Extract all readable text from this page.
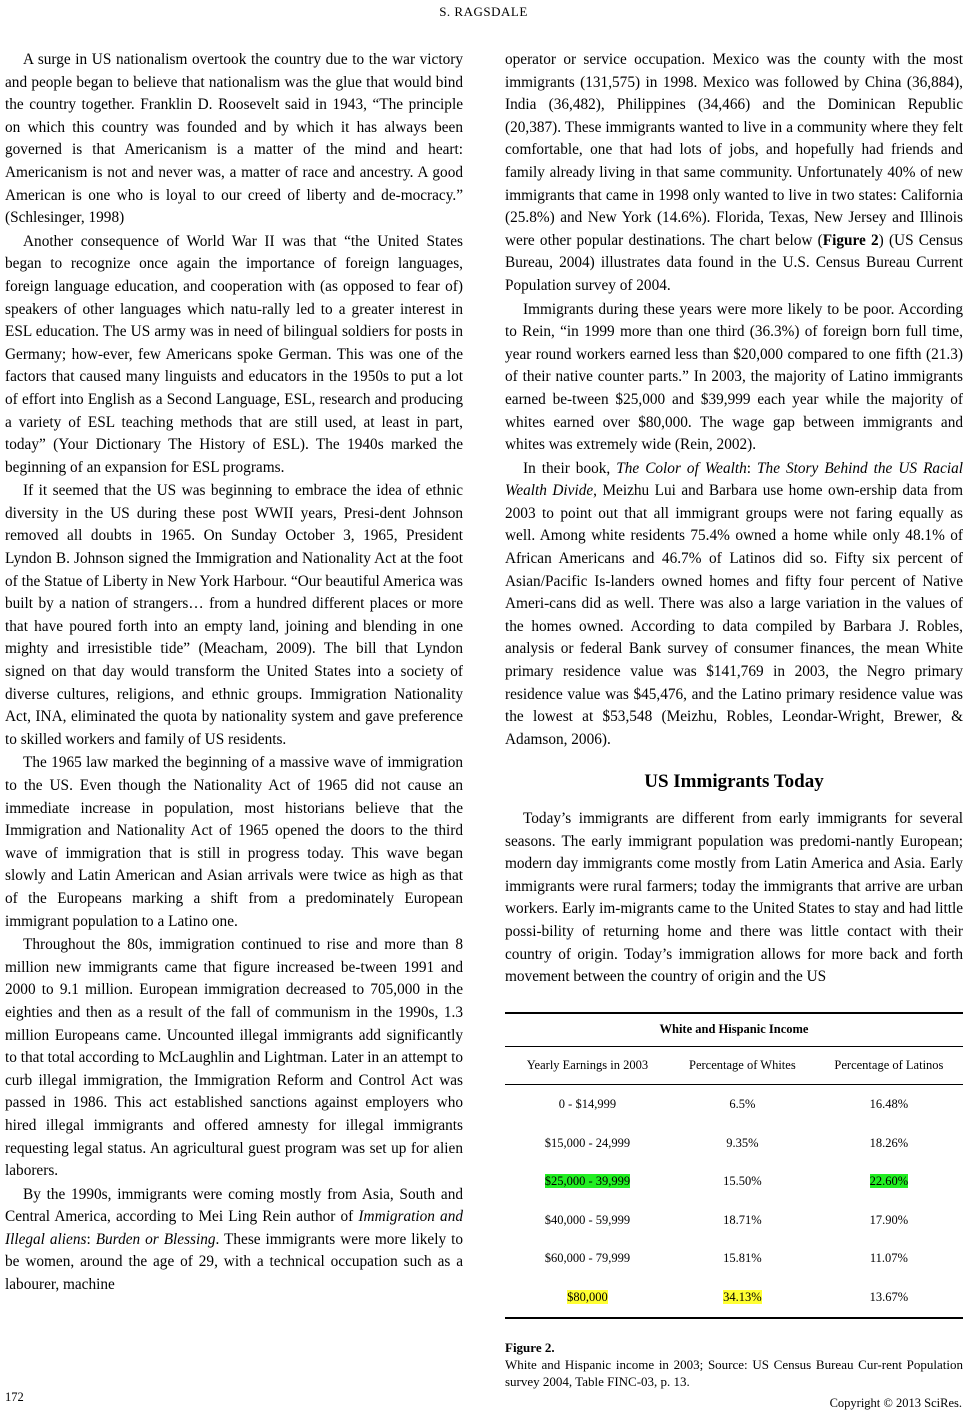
S. RAGSDALE

A surge in US nationalism overtook the country due to the war victory and people began to believe that nationalism was the glue that would bind the country together. Franklin D. Roosevelt said in 1943, “The principle on which this country was founded and by which it has always been governed is that Americanism is a matter of the mind and heart: Americanism is not and never was, a matter of race and ancestry. A good American is one who is loyal to our creed of liberty and de-mocracy.” (Schlesinger, 1998)

Another consequence of World War II was that “the United States began to recognize once again the importance of foreign languages, foreign language education, and cooperation with (as opposed to fear of) speakers of other languages which natu-rally led to a greater interest in ESL education. The US army was in need of bilingual soldiers for posts in Germany; how-ever, few Americans spoke German. This was one of the factors that caused many linguists and educators in the 1950s to put a lot of effort into English as a Second Language, ESL, research and producing a variety of ESL teaching methods that are still used, at least in part, today” (Your Dictionary The History of ESL). The 1940s marked the beginning of an expansion for ESL programs.

If it seemed that the US was beginning to embrace the idea of ethnic diversity in the US during these post WWII years, Presi-dent Johnson removed all doubts in 1965. On Sunday October 3, 1965, President Lyndon B. Johnson signed the Immigration and Nationality Act at the foot of the Statue of Liberty in New York Harbour. “Our beautiful America was built by a nation of strangers… from a hundred different places or more that have poured forth into an empty land, joining and blending in one mighty and irresistible tide” (Meacham, 2009). The bill that Lyndon signed on that day would transform the United States into a society of diverse cultures, religions, and ethnic groups. Immigration Nationality Act, INA, eliminated the quota by nationality system and gave preference to skilled workers and family of US residents.

The 1965 law marked the beginning of a massive wave of immigration to the US. Even though the Nationality Act of 1965 did not cause an immediate increase in population, most historians believe that the Immigration and Nationality Act of 1965 opened the doors to the third wave of immigration that is still in progress today. This wave began slowly and Latin American and Asian arrivals were twice as high as that of the Europeans marking a shift from a predominately European immigrant population to a Latino one.

Throughout the 80s, immigration continued to rise and more than 8 million new immigrants came that figure increased be-tween 1991 and 2000 to 9.1 million. European immigration decreased to 705,000 in the eighties and then as a result of the fall of communism in the 1990s, 1.3 million Europeans came. Uncounted illegal immigrants add significantly to that total according to McLaughlin and Lightman. Later in an attempt to curb illegal immigration, the Immigration Reform and Control Act was passed in 1986. This act established sanctions against employers who hired illegal immigrants and offered amnesty for illegal immigrants requesting legal status. An agricultural guest program was set up for alien laborers.

By the 1990s, immigrants were coming mostly from Asia, South and Central America, according to Mei Ling Rein author of Immigration and Illegal aliens: Burden or Blessing. These immigrants were more likely to be women, around the age of 29, with a technical occupation such as a labourer, machine

operator or service occupation. Mexico was the county with the most immigrants (131,575) in 1998. Mexico was followed by China (36,884), India (36,482), Philippines (34,466) and the Dominican Republic (20,387). These immigrants wanted to live in a community where they felt comfortable, one that had lots of jobs, and hopefully had friends and family already living in that same community. Unfortunately 40% of new immigrants that came in 1998 only wanted to live in two states: California (25.8%) and New York (14.6%). Florida, Texas, New Jersey and Illinois were other popular destinations. The chart below (Figure 2) (US Census Bureau, 2004) illustrates data found in the U.S. Census Bureau Current Population survey of 2004.

Immigrants during these years were more likely to be poor. According to Rein, “in 1999 more than one third (36.3%) of foreign born full time, year round workers earned less than $20,000 compared to one fifth (21.3) of their native counter parts.” In 2003, the majority of Latino immigrants earned be-tween $25,000 and $39,999 each year while the majority of whites earned over $80,000. The wage gap between immigrants and whites was extremely wide (Rein, 2002).

In their book, The Color of Wealth: The Story Behind the US Racial Wealth Divide, Meizhu Lui and Barbara use home own-ership data from 2003 to point out that all immigrant groups were not faring equally as well. Among white residents 75.4% owned a home while only 48.1% of African Americans and 46.7% of Latinos did so. Fifty six percent of Asian/Pacific Is-landers owned homes and fifty four percent of Native Ameri-cans did as well. There was also a large variation in the values of the homes owned. According to data compiled by Barbara J. Robles, analysis or federal Bank survey of consumer finances, the mean White primary residence value was $141,769 in 2003, the Negro primary residence value was $45,476, and the Latino primary residence value was the lowest at $53,548 (Meizhu, Robles, Leondar-Wright, Brewer, & Adamson, 2006).

US Immigrants Today

Today’s immigrants are different from early immigrants for several seasons. The early immigrant population was predomi-nantly European; modern day immigrants come mostly from Latin America and Asia. Early immigrants were rural farmers; today the immigrants that arrive are urban workers. Early im-migrants came to the United States to stay and had little possi-bility of returning home and there was little contact with their country of origin. Today’s immigration allows for more back and forth movement between the country of origin and the US

White and Hispanic Income		
Yearly Earnings in 2003	Percentage of Whites	Percentage of Latinos
0 - $14,999	6.5%	16.48%
$15,000 - 24,999	9.35%	18.26%
$25,000 - 39,999	15.50%	22.60%
$40,000 - 59,999	18.71%	17.90%
$60,000 - 79,999	15.81%	11.07%
$80,000	34.13%	13.67%
Figure 2.
White and Hispanic income in 2003; Source: US Census Bureau Cur-rent Population survey 2004, Table FINC-03, p. 13.
172	Copyright © 2013 SciRes.
